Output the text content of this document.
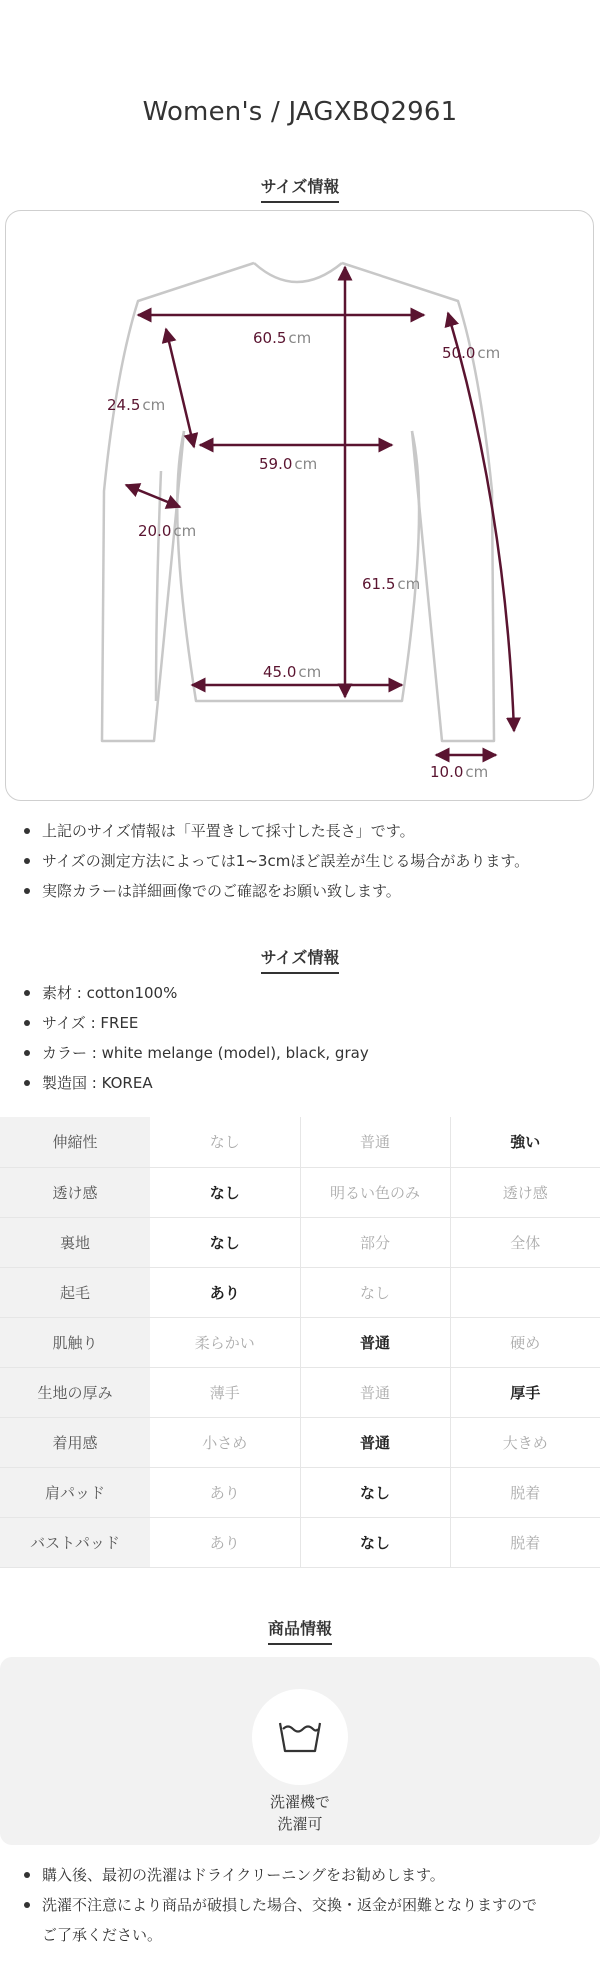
Women's / JAGXBQ2961
サイズ情報
60.5 cm
50.0 cm
24.5 cm
59.0 cm
20.0 cm
61.5 cm
45.0 cm
10.0 cm
上記のサイズ情報は「平置きして採寸した長さ」です。
サイズの測定方法によっては1~3cmほど誤差が生じる場合があります。
実際カラーは詳細画像でのご確認をお願い致します。
サイズ情報
素材 : cotton100%
サイズ : FREE
カラー : white melange (model), black, gray
製造国 : KOREA
伸縮性	なし	普通	強い
透け感	なし	明るい色のみ	透け感
裏地	なし	部分	全体
起毛	あり	なし	
肌触り	柔らかい	普通	硬め
生地の厚み	薄手	普通	厚手
着用感	小さめ	普通	大きめ
肩パッド	あり	なし	脱着
バストパッド	あり	なし	脱着
商品情報
洗濯機で
洗濯可
購入後、最初の洗濯はドライクリーニングをお勧めします。
洗濯不注意により商品が破損した場合、交換・返金が困難となりますので
ご了承ください。
